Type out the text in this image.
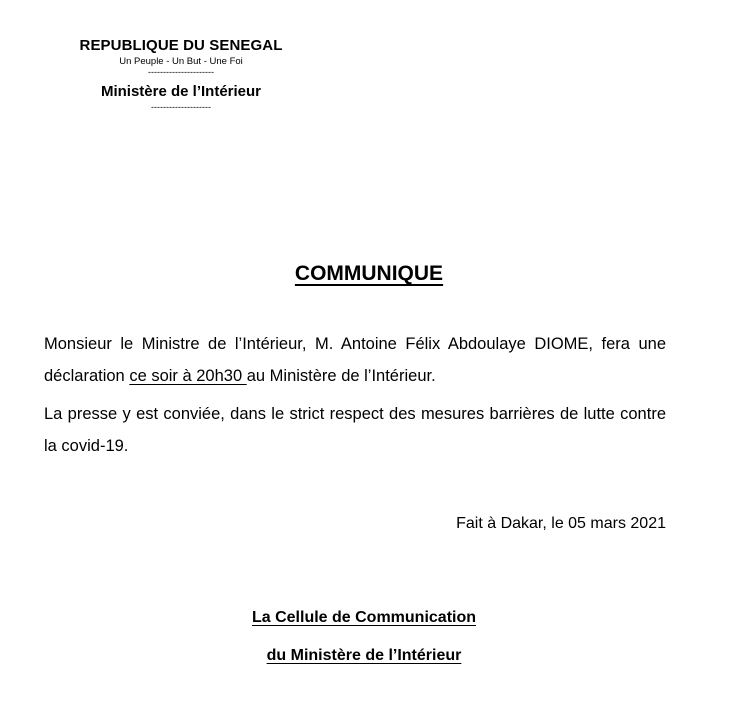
REPUBLIQUE DU SENEGAL
Un Peuple - Un But - Une Foi
----------------------
Ministère de l’Intérieur
--------------------
COMMUNIQUE

Monsieur le Ministre de l’Intérieur, M. Antoine Félix Abdoulaye DIOME, fera une déclaration ce soir à 20h30 au Ministère de l’Intérieur.

La presse y est conviée, dans le strict respect des mesures barrières de lutte contre la covid-19.

Fait à Dakar, le 05 mars 2021
La Cellule de Communication
du Ministère de l’Intérieur
